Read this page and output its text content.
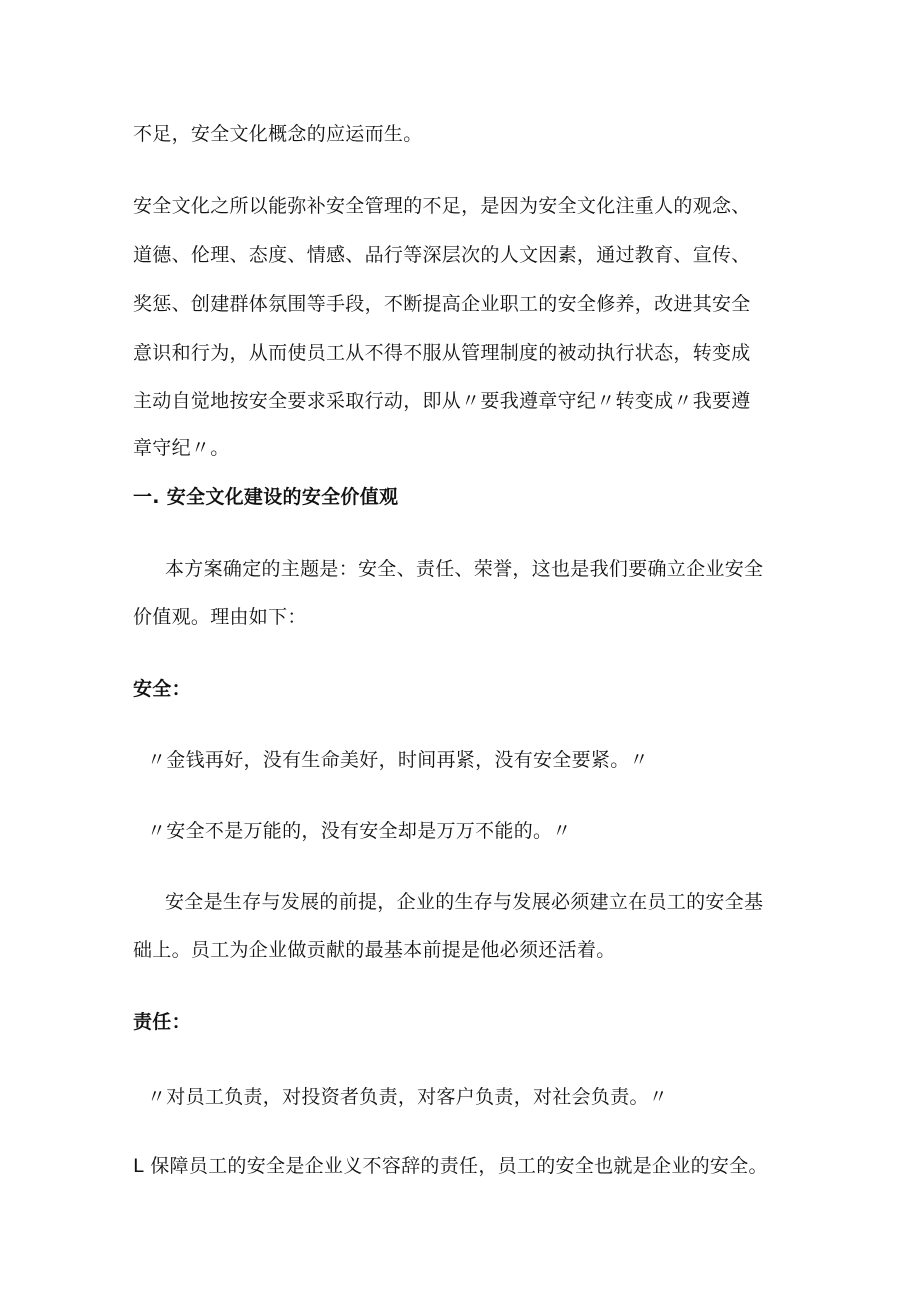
不足，安全文化概念的应运而生。
安全文化之所以能弥补安全管理的不足，是因为安全文化注重人的观念、
道德、伦理、态度、情感、品行等深层次的人文因素，通过教育、宣传、
奖惩、创建群体氛围等手段，不断提高企业职工的安全修养，改进其安全
意识和行为，从而使员工从不得不服从管理制度的被动执行状态，转变成
主动自觉地按安全要求采取行动，即从〃要我遵章守纪〃转变成〃我要遵
章守纪〃。
一. 安全文化建设的安全价值观
本方案确定的主题是：安全、责任、荣誉，这也是我们要确立企业安全
价值观。理由如下：
安全：
〃金钱再好，没有生命美好，时间再紧，没有安全要紧。〃
〃安全不是万能的，没有安全却是万万不能的。〃
安全是生存与发展的前提，企业的生存与发展必须建立在员工的安全基
础上。员工为企业做贡献的最基本前提是他必须还活着。
责任：
〃对员工负责，对投资者负责，对客户负责，对社会负责。〃
L 保障员工的安全是企业义不容辞的责任，员工的安全也就是企业的安全。
